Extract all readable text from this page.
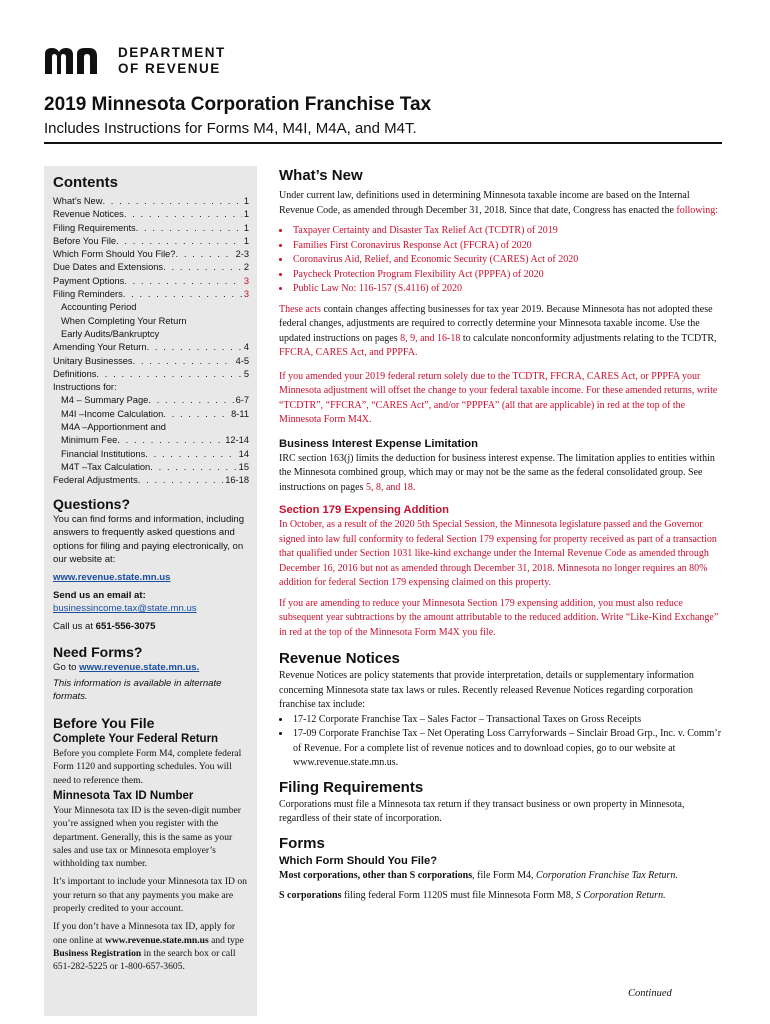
DEPARTMENT
OF REVENUE
2019 Minnesota Corporation Franchise Tax

Includes Instructions for Forms M4, M4I, M4A, and M4T.

Contents
What’s New . . .	1
Revenue Notices . . .	1
Filing Requirements . . .	1
Before You File . . .	1
Which Form Should You File? . . .	2-3
Due Dates and Extensions . . .	2
Payment Options . . .	3
Filing Reminders . . .	3
Accounting Period
When Completing Your Return
Early Audits/Bankruptcy
Amending Your Return . . .	4
Unitary Businesses . . .	4-5
Definitions . . .	5
Instructions for:
M4 – Summary Page . . .	6-7
M4I –Income Calculation . . .	8-11
M4A –Apportionment and
Minimum Fee . . .	12-14
Financial Institutions . . .	14
M4T –Tax Calculation . . .	15
Federal Adjustments . . .	16-18
Questions?

You can find forms and information, including answers to frequently asked questions and options for filing and paying electronically, on our website at:

www.revenue.state.mn.us

Send us an email at:

businessincome.tax@state.mn.us

Call us at 651-556-3075

Need Forms?

Go to www.revenue.state.mn.us.

This information is available in alternate formats.

Before You File
Complete Your Federal Return

Before you complete Form M4, complete federal Form 1120 and supporting schedules. You will need to reference them.

Minnesota Tax ID Number

Your Minnesota tax ID is the seven-digit number you’re assigned when you register with the department. Generally, this is the same as your sales and use tax or Minnesota employer’s withholding tax number.

It’s important to include your Minnesota tax ID on your return so that any payments you make are properly credited to your account.

If you don’t have a Minnesota tax ID, apply for one online at www.revenue.state.mn.us and type Business Registration in the search box or call 651-282-5225 or 1-800-657-3605.

What’s New

Under current law, definitions used in determining Minnesota taxable income are based on the Internal Revenue Code, as amended through December 31, 2018. Since that date, Congress has enacted the following:

• Taxpayer Certainty and Disaster Tax Relief Act (TCDTR) of 2019
• Families First Coronavirus Response Act (FFCRA) of 2020
• Coronavirus Aid, Relief, and Economic Security (CARES) Act of 2020
• Paycheck Protection Program Flexibility Act (PPPFA) of 2020
• Public Law No: 116-157 (S.4116) of 2020

These acts contain changes affecting businesses for tax year 2019. Because Minnesota has not adopted these federal changes, adjustments are required to correctly determine your Minnesota taxable income. Use the updated instructions on pages 8, 9, and 16-18 to calculate nonconformity adjustments relating to the TCDTR, FFCRA, CARES Act, and PPPFA.

If you amended your 2019 federal return solely due to the TCDTR, FFCRA, CARES Act, or PPPFA your Minnesota adjustment will offset the change to your federal taxable income. For these amended returns, write “TCDTR”, “FFCRA”, “CARES Act”, and/or “PPPFA” (all that are applicable) in red at the top of the Minnesota Form M4X.

Business Interest Expense Limitation

IRC section 163(j) limits the deduction for business interest expense. The limitation applies to entities within the Minnesota combined group, which may or may not be the same as the federal consolidated group. See instructions on pages 5, 8, and 18.

Section 179 Expensing Addition

In October, as a result of the 2020 5th Special Session, the Minnesota legislature passed and the Governor signed into law full conformity to federal Section 179 expensing for property received as part of a transaction that qualified under Section 1031 like-kind exchange under the Internal Revenue Code as amended through December 16, 2016 but not as amended through December 31, 2018. Minnesota no longer requires an 80% addition for federal Section 179 expensing claimed on this property.

If you are amending to reduce your Minnesota Section 179 expensing addition, you must also reduce subsequent year subtractions by the amount attributable to the reduced addition. Write “Like-Kind Exchange” in red at the top of the Minnesota Form M4X you file.

Revenue Notices

Revenue Notices are policy statements that provide interpretation, details or supplementary information concerning Minnesota state tax laws or rules. Recently released Revenue Notices regarding corporation franchise tax include:

• 17-12 Corporate Franchise Tax – Sales Factor – Transactional Taxes on Gross Receipts
• 17-09 Corporate Franchise Tax – Net Operating Loss Carryforwards – Sinclair Broad Grp., Inc. v. Comm’r of Revenue. For a complete list of revenue notices and to download copies, go to our website at www.revenue.state.mn.us.
Filing Requirements

Corporations must file a Minnesota tax return if they transact business or own property in Minnesota, regardless of their state of incorporation.

Forms
Which Form Should You File?

Most corporations, other than S corporations, file Form M4, Corporation Franchise Tax Return.

S corporations filing federal Form 1120S must file Minnesota Form M8, S Corporation Return.

Continued
